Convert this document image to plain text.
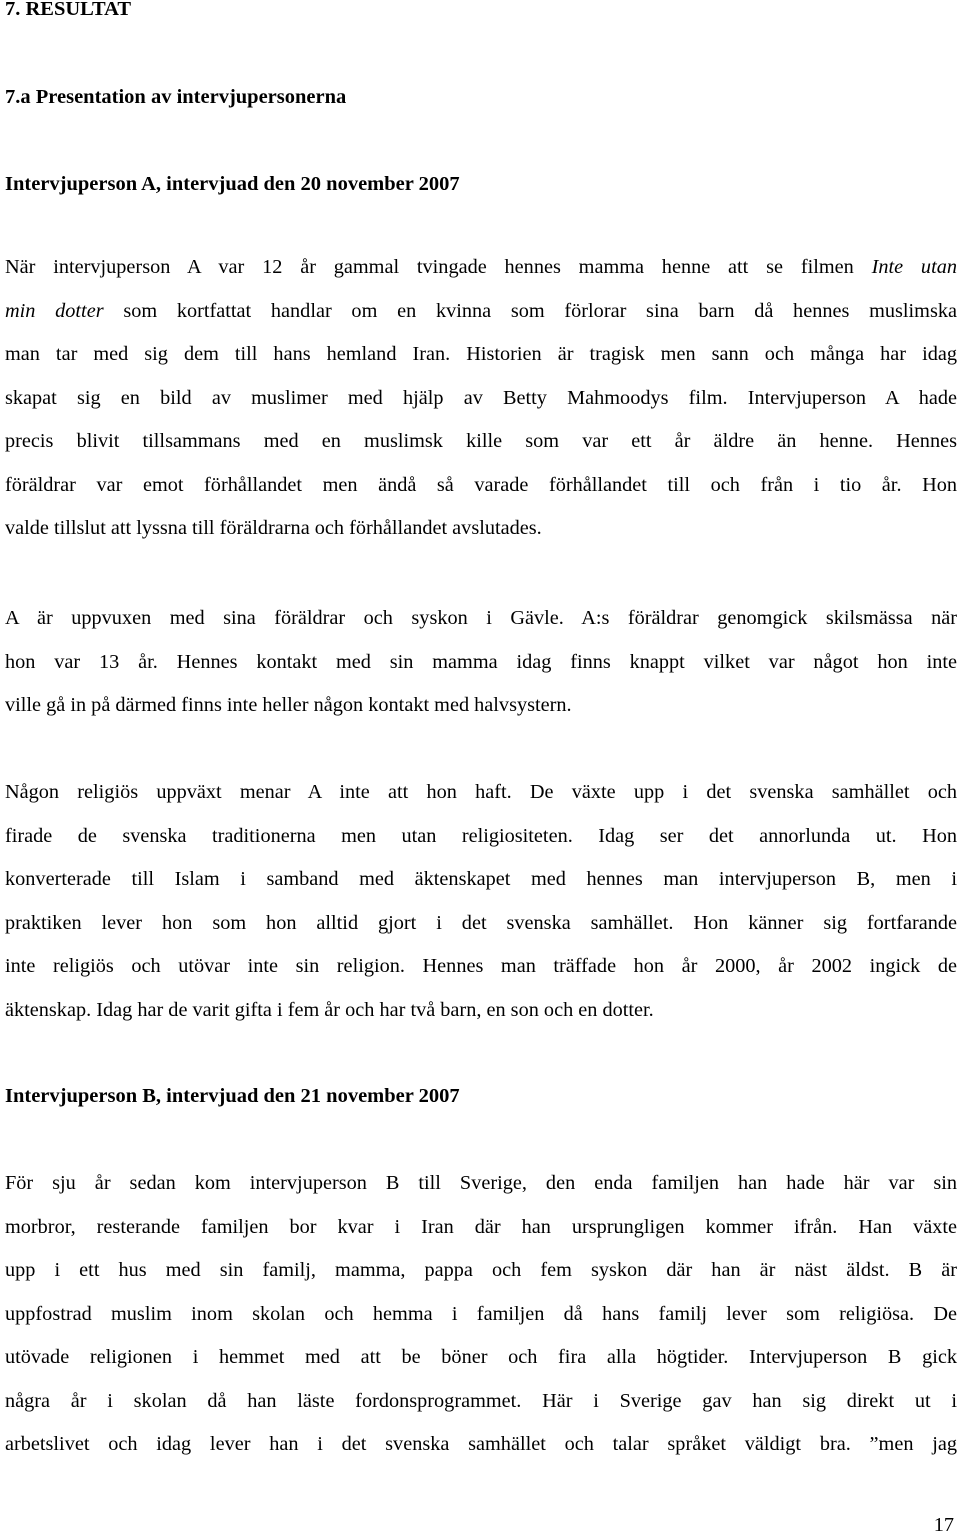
7. RESULTAT
7.a Presentation av intervjupersonerna
Intervjuperson A, intervjuad den 20 november 2007

När intervjuperson A var 12 år gammal tvingade hennes mamma henne att se filmen Inte utan
min dotter som kortfattat handlar om en kvinna som förlorar sina barn då hennes muslimska
man tar med sig dem till hans hemland Iran. Historien är tragisk men sann och många har idag
skapat sig en bild av muslimer med hjälp av Betty Mahmoodys film. Intervjuperson A hade
precis blivit tillsammans med en muslimsk kille som var ett år äldre än henne. Hennes
föräldrar var emot förhållandet men ändå så varade förhållandet till och från i tio år. Hon
valde tillslut att lyssna till föräldrarna och förhållandet avslutades.

A är uppvuxen med sina föräldrar och syskon i Gävle. A:s föräldrar genomgick skilsmässa när
hon var 13 år. Hennes kontakt med sin mamma idag finns knappt vilket var något hon inte
ville gå in på därmed finns inte heller någon kontakt med halvsystern.

Någon religiös uppväxt menar A inte att hon haft. De växte upp i det svenska samhället och
firade de svenska traditionerna men utan religiositeten. Idag ser det annorlunda ut. Hon
konverterade till Islam i samband med äktenskapet med hennes man intervjuperson B, men i
praktiken lever hon som hon alltid gjort i det svenska samhället. Hon känner sig fortfarande
inte religiös och utövar inte sin religion. Hennes man träffade hon år 2000, år 2002 ingick de
äktenskap. Idag har de varit gifta i fem år och har två barn, en son och en dotter.

Intervjuperson B, intervjuad den 21 november 2007

För sju år sedan kom intervjuperson B till Sverige, den enda familjen han hade här var sin
morbror, resterande familjen bor kvar i Iran där han ursprungligen kommer ifrån. Han växte
upp i ett hus med sin familj, mamma, pappa och fem syskon där han är näst äldst. B är
uppfostrad muslim inom skolan och hemma i familjen då hans familj lever som religiösa. De
utövade religionen i hemmet med att be böner och fira alla högtider. Intervjuperson B gick
några år i skolan då han läste fordonsprogrammet. Här i Sverige gav han sig direkt ut i
arbetslivet och idag lever han i det svenska samhället och talar språket väldigt bra. ”men jag

17
